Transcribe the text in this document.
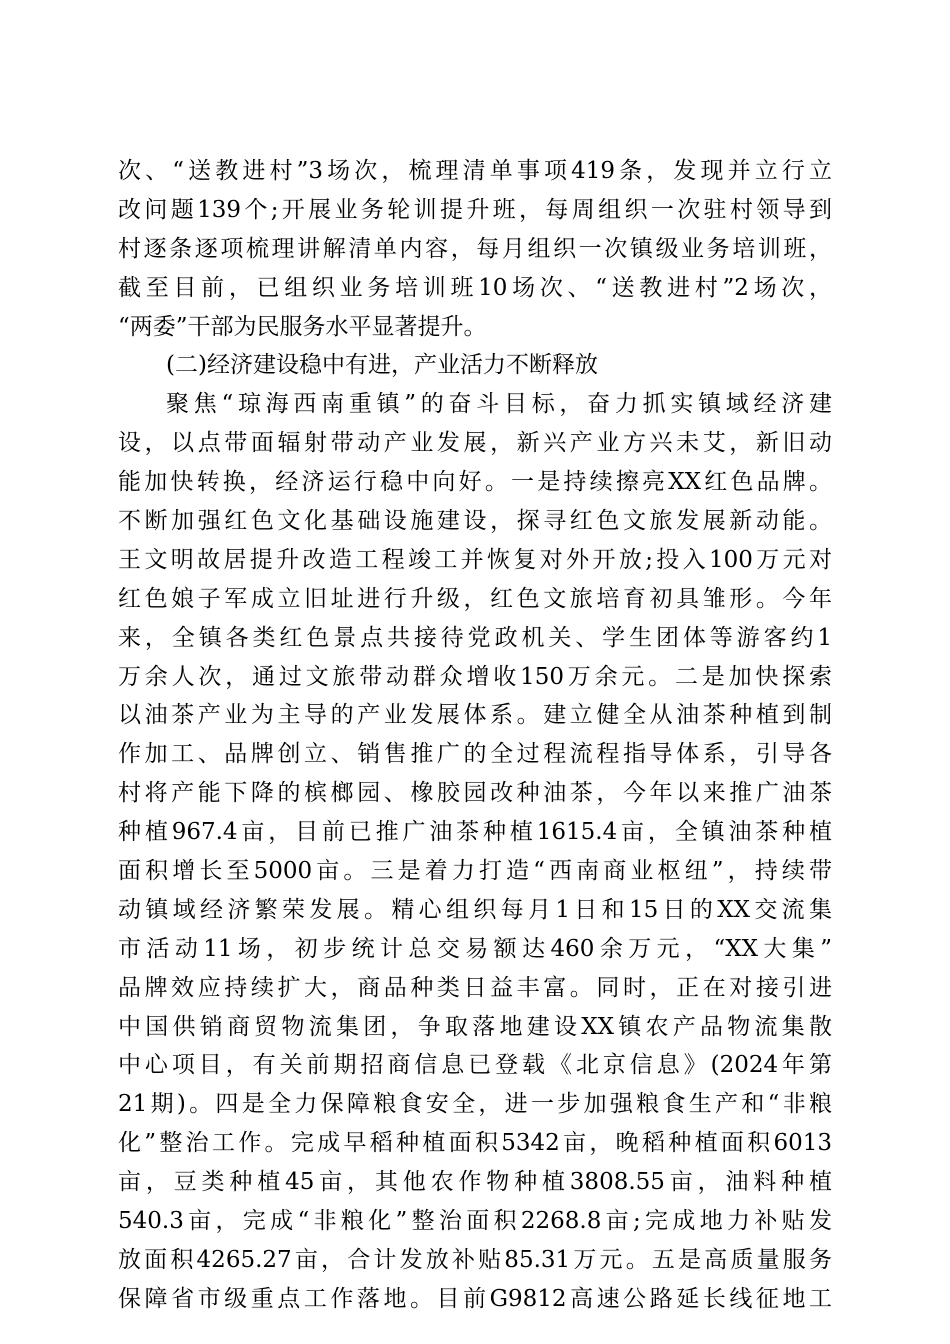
次、“送教进村”3场次，梳理清单事项419条，发现并立行立
改问题139个;开展业务轮训提升班，每周组织一次驻村领导到
村逐条逐项梳理讲解清单内容，每月组织一次镇级业务培训班，
截至目前，已组织业务培训班10场次、“送教进村”2场次，
“两委”干部为民服务水平显著提升。
(二)经济建设稳中有进，产业活力不断释放
聚焦“琼海西南重镇”的奋斗目标，奋力抓实镇域经济建
设，以点带面辐射带动产业发展，新兴产业方兴未艾，新旧动
能加快转换，经济运行稳中向好。一是持续擦亮XX红色品牌。
不断加强红色文化基础设施建设，探寻红色文旅发展新动能。
王文明故居提升改造工程竣工并恢复对外开放;投入100万元对
红色娘子军成立旧址进行升级，红色文旅培育初具雏形。今年
来，全镇各类红色景点共接待党政机关、学生团体等游客约1
万余人次，通过文旅带动群众增收150万余元。二是加快探索
以油茶产业为主导的产业发展体系。建立健全从油茶种植到制
作加工、品牌创立、销售推广的全过程流程指导体系，引导各
村将产能下降的槟榔园、橡胶园改种油茶，今年以来推广油茶
种植967.4亩，目前已推广油茶种植1615.4亩，全镇油茶种植
面积增长至5000亩。三是着力打造“西南商业枢纽”，持续带
动镇域经济繁荣发展。精心组织每月1日和15日的XX交流集
市活动11场，初步统计总交易额达460余万元，“XX大集”
品牌效应持续扩大，商品种类日益丰富。同时，正在对接引进
中国供销商贸物流集团，争取落地建设XX镇农产品物流集散
中心项目，有关前期招商信息已登载《北京信息》(2024年第
21期)。四是全力保障粮食安全，进一步加强粮食生产和“非粮
化”整治工作。完成早稻种植面积5342亩，晚稻种植面积6013
亩，豆类种植45亩，其他农作物种植3808.55亩，油料种植
540.3亩，完成“非粮化”整治面积2268.8亩;完成地力补贴发
放面积4265.27亩，合计发放补贴85.31万元。五是高质量服务
保障省市级重点工作落地。目前G9812高速公路延长线征地工
